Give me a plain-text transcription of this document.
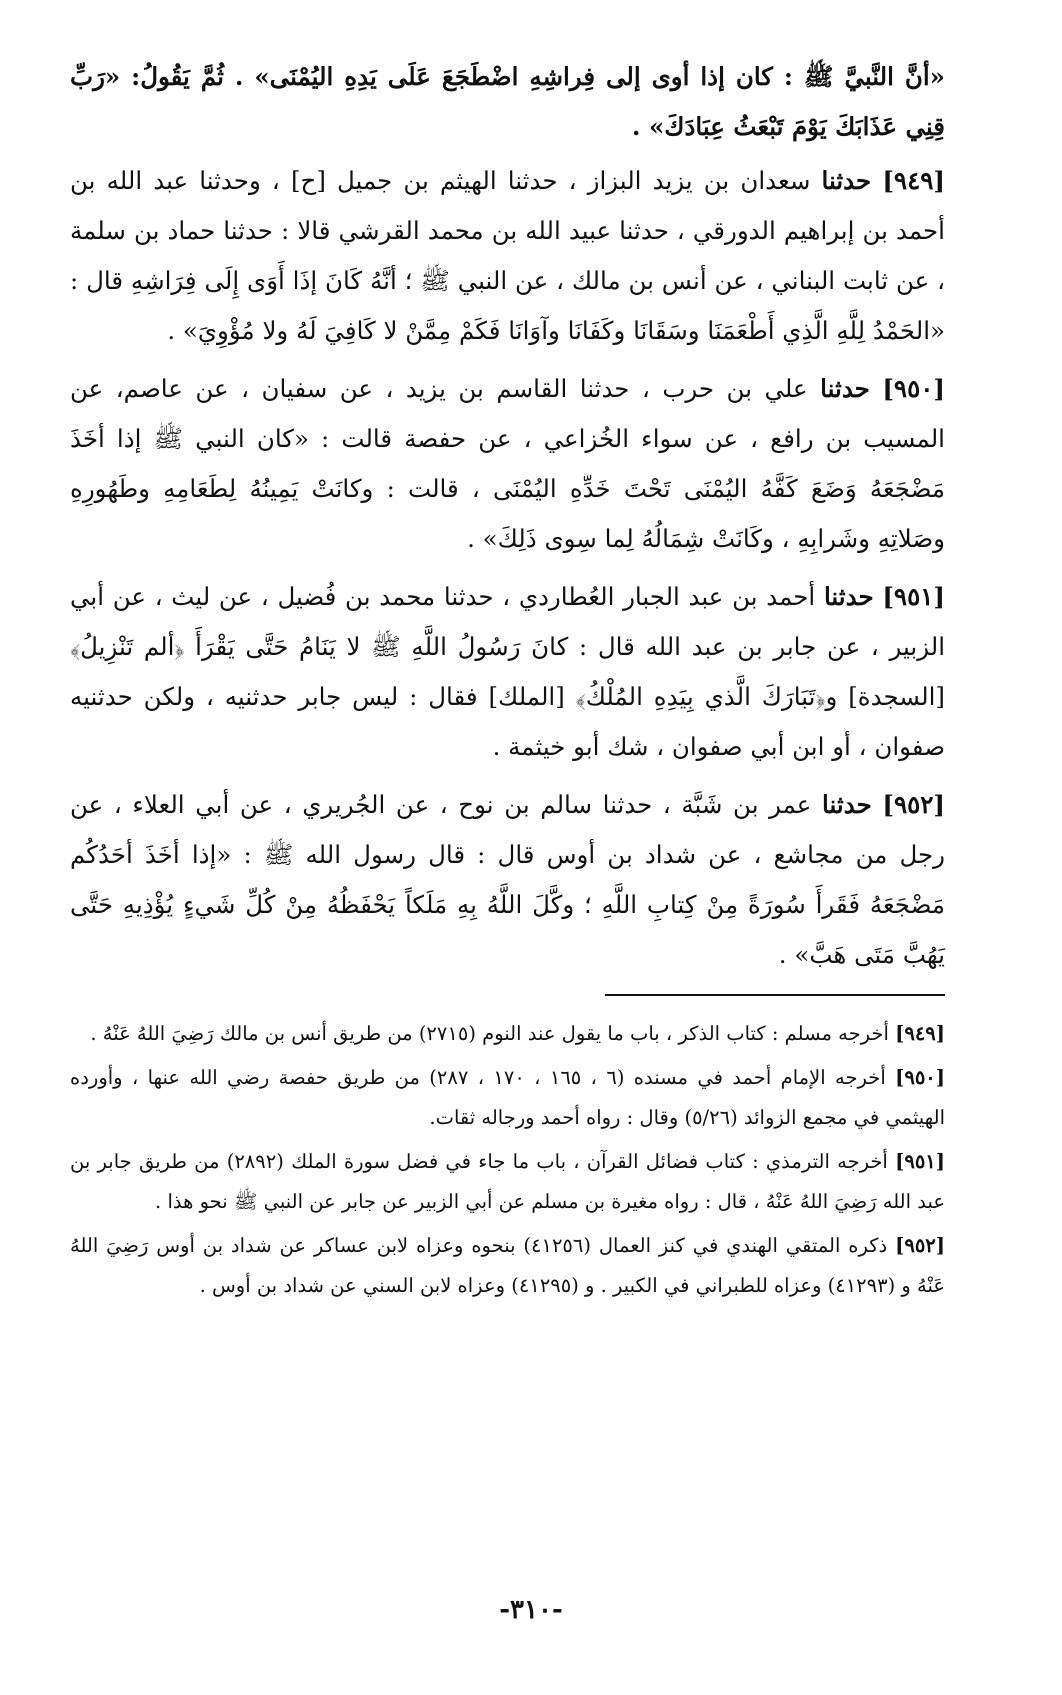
«أنَّ النَّبيَّ ﷺ : كان إذا أوى إلى فِراشِهِ اضْطَجَعَ عَلَى يَدِهِ اليُمْنَى» . ثُمَّ يَقُولُ: «رَبِّ قِنِي عَذَابَكَ يَوْمَ تَبْعَثُ عِبَادَكَ» .

[٩٤٩] حدثنا سعدان بن يزيد البزاز ، حدثنا الهيثم بن جميل [ح] ، وحدثنا عبد الله بن أحمد بن إبراهيم الدورقي ، حدثنا عبيد الله بن محمد القرشي قالا : حدثنا حماد بن سلمة ، عن ثابت البناني ، عن أنس بن مالك ، عن النبي ﷺ ؛ أنَّهُ كَانَ إذَا أَوَى إِلَى فِرَاشِهِ قال : «الحَمْدُ لِلَّهِ الَّذِي أَطْعَمَنَا وسَقَانَا وكَفَانَا وآوَانَا فَكَمْ مِمَّنْ لا كَافِيَ لَهُ ولا مُؤْوِيَ» .

[٩٥٠] حدثنا علي بن حرب ، حدثنا القاسم بن يزيد ، عن سفيان ، عن عاصم، عن المسيب بن رافع ، عن سواء الخُزاعي ، عن حفصة قالت : «كان النبي ﷺ إذا أخَذَ مَضْجَعَهُ وَضَعَ كَفَّهُ اليُمْنَى تَحْتَ خَدِّهِ اليُمْنَى ، قالت : وكانَتْ يَمِينُهُ لِطَعَامِهِ وطَهُورِهِ وصَلاتِهِ وشَرابِهِ ، وكَانَتْ شِمَالُهُ لِما سِوى ذَلِكَ» .

[٩٥١] حدثنا أحمد بن عبد الجبار العُطاردي ، حدثنا محمد بن فُضيل ، عن ليث ، عن أبي الزبير ، عن جابر بن عبد الله قال : كانَ رَسُولُ اللَّهِ ﷺ لا يَنَامُ حَتَّى يَقْرَأَ ﴿ألم تَنْزِيلُ﴾ [السجدة] و﴿تَبَارَكَ الَّذي بِيَدِهِ المُلْكُ﴾ [الملك] فقال : ليس جابر حدثنيه ، ولكن حدثنيه صفوان ، أو ابن أبي صفوان ، شك أبو خيثمة .

[٩٥٢] حدثنا عمر بن شَبَّة ، حدثنا سالم بن نوح ، عن الجُريري ، عن أبي العلاء ، عن رجل من مجاشع ، عن شداد بن أوس قال : قال رسول الله ﷺ : «إذا أخَذَ أحَدُكُم مَضْجَعَهُ فَقَرأَ سُورَةً مِنْ كِتابِ اللَّهِ ؛ وكَّلَ اللَّهُ بِهِ مَلَكاً يَحْفَظُهُ مِنْ كُلِّ شَيءٍ يُؤْذِيهِ حَتَّى يَهُبَّ مَتَى هَبَّ» .

[٩٤٩] أخرجه مسلم : كتاب الذكر ، باب ما يقول عند النوم (٢٧١٥) من طريق أنس بن مالك رَضِيَ اللهُ عَنْهُ .

[٩٥٠] أخرجه الإمام أحمد في مسنده (٦ ، ١٦٥ ، ١٧٠ ، ٢٨٧) من طريق حفصة رضي الله عنها ، وأورده الهيثمي في مجمع الزوائد (٥/٢٦) وقال : رواه أحمد ورجاله ثقات.

[٩٥١] أخرجه الترمذي : كتاب فضائل القرآن ، باب ما جاء في فضل سورة الملك (٢٨٩٢) من طريق جابر بن عبد الله رَضِيَ اللهُ عَنْهُ ، قال : رواه مغيرة بن مسلم عن أبي الزبير عن جابر عن النبي ﷺ نحو هذا .

[٩٥٢] ذكره المتقي الهندي في كنز العمال (٤١٢٥٦) بنحوه وعزاه لابن عساكر عن شداد بن أوس رَضِيَ اللهُ عَنْهُ و (٤١٢٩٣) وعزاه للطبراني في الكبير . و (٤١٢٩٥) وعزاه لابن السني عن شداد بن أوس .

-٣١٠-
